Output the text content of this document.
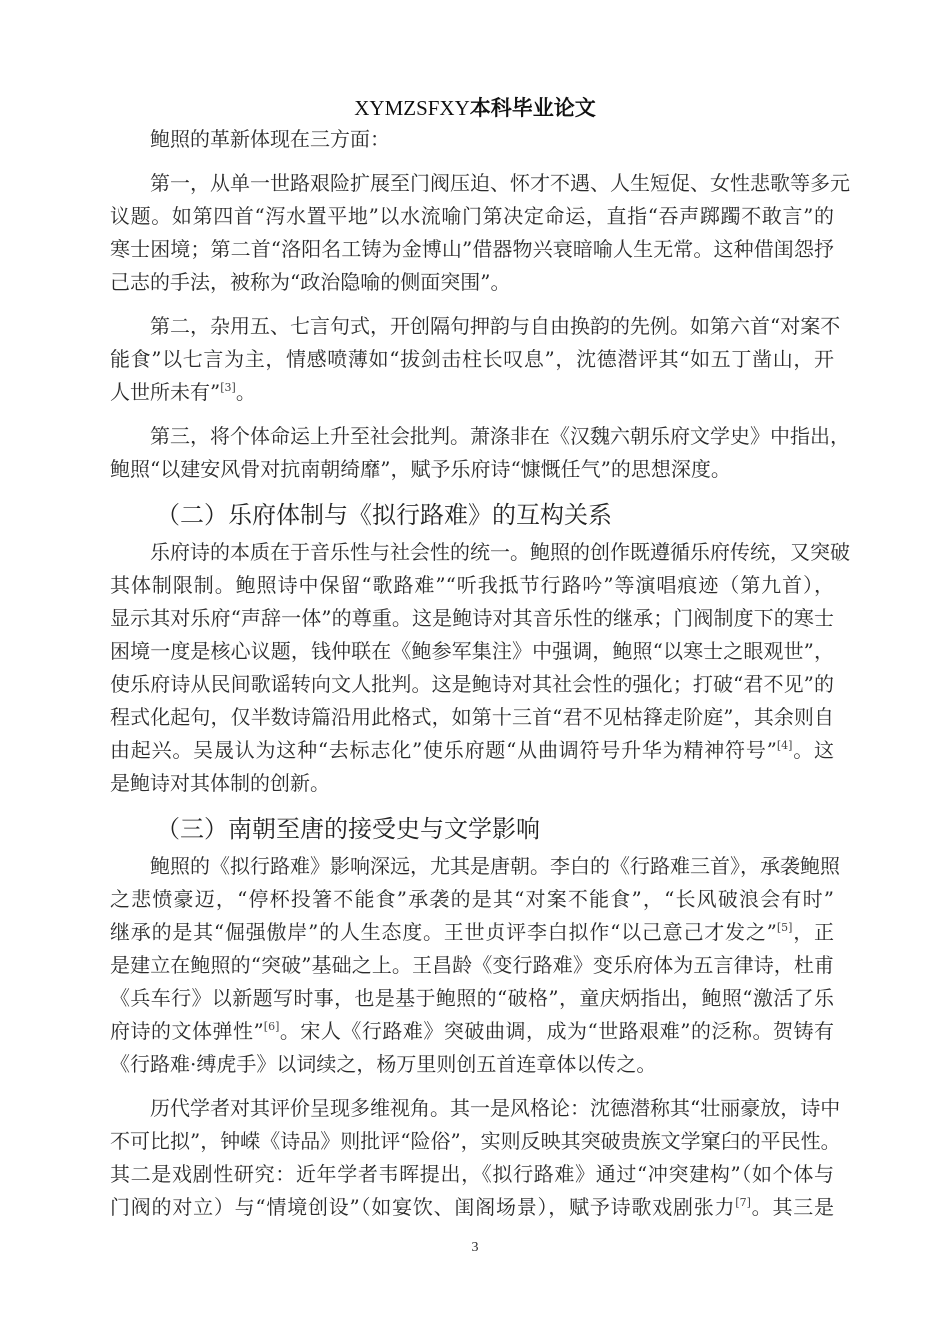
XYMZSFXY本科毕业论文
鲍照的革新体现在三方面：
第一，从单一世路艰险扩展至门阀压迫、怀才不遇、人生短促、女性悲歌等多元
议题。如第四首“泻水置平地”以水流喻门第决定命运，直指“吞声踯躅不敢言”的
寒士困境；第二首“洛阳名工铸为金博山”借器物兴衰暗喻人生无常。这种借闺怨抒
己志的手法，被称为“政治隐喻的侧面突围”。
第二，杂用五、七言句式，开创隔句押韵与自由换韵的先例。如第六首“对案不
能食”以七言为主，情感喷薄如“拔剑击柱长叹息”，沈德潜评其“如五丁凿山，开
人世所未有”[3]。
第三，将个体命运上升至社会批判。萧涤非在《汉魏六朝乐府文学史》中指出，
鲍照“以建安风骨对抗南朝绮靡”，赋予乐府诗“慷慨任气”的思想深度。
（二）乐府体制与《拟行路难》的互构关系
乐府诗的本质在于音乐性与社会性的统一。鲍照的创作既遵循乐府传统，又突破
其体制限制。鲍照诗中保留“歌路难”“听我抵节行路吟”等演唱痕迹（第九首），
显示其对乐府“声辞一体”的尊重。这是鲍诗对其音乐性的继承；门阀制度下的寒士
困境一度是核心议题，钱仲联在《鲍参军集注》中强调，鲍照“以寒士之眼观世”，
使乐府诗从民间歌谣转向文人批判。这是鲍诗对其社会性的强化；打破“君不见”的
程式化起句，仅半数诗篇沿用此格式，如第十三首“君不见枯箨走阶庭”，其余则自
由起兴。吴晟认为这种“去标志化”使乐府题“从曲调符号升华为精神符号”[4]。这
是鲍诗对其体制的创新。
（三）南朝至唐的接受史与文学影响
鲍照的《拟行路难》影响深远，尤其是唐朝。李白的《行路难三首》，承袭鲍照
之悲愤豪迈，“停杯投箸不能食”承袭的是其“对案不能食”，“长风破浪会有时”
继承的是其“倔强傲岸”的人生态度。王世贞评李白拟作“以己意己才发之”[5]，正
是建立在鲍照的“突破”基础之上。王昌龄《变行路难》变乐府体为五言律诗，杜甫
《兵车行》以新题写时事，也是基于鲍照的“破格”，童庆炳指出，鲍照“激活了乐
府诗的文体弹性”[6]。宋人《行路难》突破曲调，成为“世路艰难”的泛称。贺铸有
《行路难·缚虎手》以词续之，杨万里则创五首连章体以传之。
历代学者对其评价呈现多维视角。其一是风格论：沈德潜称其“壮丽豪放，诗中
不可比拟”，钟嵘《诗品》则批评“险俗”，实则反映其突破贵族文学窠臼的平民性。
其二是戏剧性研究：近年学者韦晖提出，《拟行路难》通过“冲突建构”（如个体与
门阀的对立）与“情境创设”（如宴饮、闺阁场景），赋予诗歌戏剧张力[7]。其三是
3
